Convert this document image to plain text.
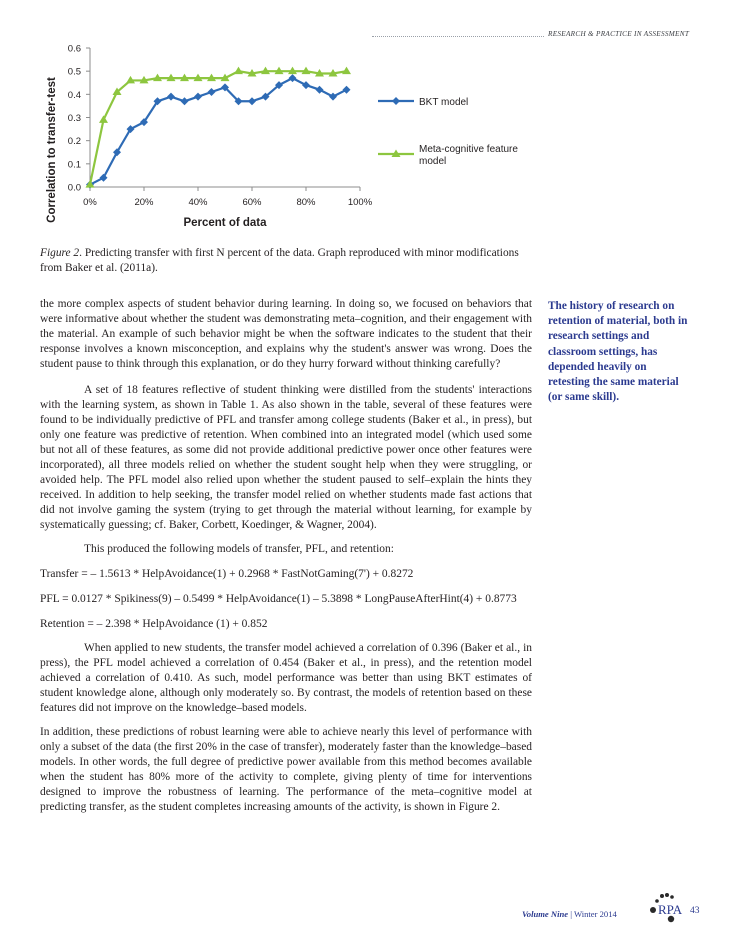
RESEARCH & PRACTICE IN ASSESSMENT
0.0
0.1
0.2
0.3
0.4
0.5
0.6
0%	20%	40%	60%	80%	100%
Correlation to transfer-test
Percent of data
BKT model
Meta-cognitive feature
model
Figure 2. Predicting transfer with first N percent of the data. Graph reproduced with minor modifications from Baker et al. (2011a).

the more complex aspects of student behavior during learning. In doing so, we focused on behaviors that were informative about whether the student was demonstrating meta–cognition, and their engagement with the material. An example of such behavior might be when the software indicates to the student that their response involves a known misconception, and explains why the student's answer was wrong. Does the student pause to think through this explanation, or do they hurry forward without thinking carefully?

A set of 18 features reflective of student thinking were distilled from the students' interactions with the learning system, as shown in Table 1. As also shown in the table, several of these features were found to be individually predictive of PFL and transfer among college students (Baker et al., in press), but only one feature was predictive of retention. When combined into an integrated model (which used some but not all of these features, as some did not provide additional predictive power once other features were incorporated), all three models relied on whether the student sought help when they were struggling, or avoided help. The PFL model also relied upon whether the student paused to self–explain the hints they received. In addition to help seeking, the transfer model relied on whether students made fast actions that did not involve gaming the system (trying to get through the material without learning, for example by systematically guessing; cf. Baker, Corbett, Koedinger, & Wagner, 2004).

This produced the following models of transfer, PFL, and retention:

Transfer = – 1.5613 * HelpAvoidance(1) + 0.2968 * FastNotGaming(7') + 0.8272

PFL = 0.0127 * Spikiness(9) – 0.5499 * HelpAvoidance(1) – 5.3898 * LongPauseAfterHint(4) + 0.8773

Retention = – 2.398 * HelpAvoidance (1) + 0.852

When applied to new students, the transfer model achieved a correlation of 0.396 (Baker et al., in press), the PFL model achieved a correlation of 0.454 (Baker et al., in press), and the retention model achieved a correlation of 0.410. As such, model performance was better than using BKT estimates of student knowledge alone, although only moderately so. By contrast, the models of retention based on these features did not improve on the knowledge–based models.

In addition, these predictions of robust learning were able to achieve nearly this level of performance with only a subset of the data (the first 20% in the case of transfer), moderately faster than the knowledge–based models. In other words, the full degree of predictive power available from this method becomes available when the student has 80% more of the activity to complete, giving plenty of time for interventions designed to improve the robustness of learning. The performance of the meta–cognitive model at predicting transfer, as the student completes increasing amounts of the activity, is shown in Figure 2.

The history of research on retention of material, both in research settings and classroom settings, has depended heavily on retesting the same material (or same skill).
Volume Nine | Winter 2014	RPA 43
